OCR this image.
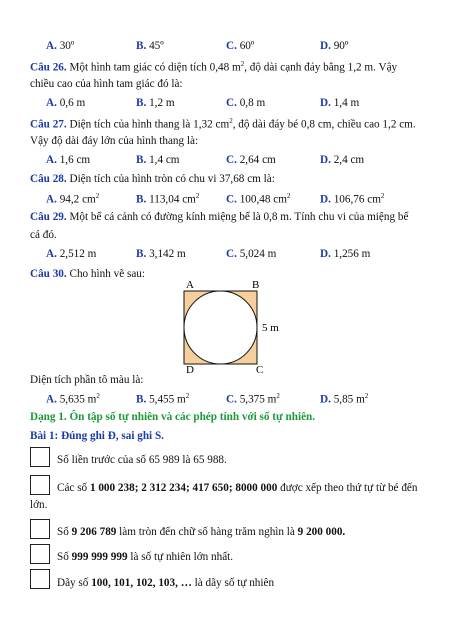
A. 30º	B. 45º	C. 60º	D. 90º
Câu 26. Một hình tam giác có diện tích 0,48 $m^2$, độ dài cạnh đáy bằng 1,2 m. Vậy
chiều cao của hình tam giác đó là:
A. 0,6 m	B. 1,2 m	C. 0,8 m	D. 1,4 m
Câu 27. Diện tích của hình thang là 1,32 $cm^2$, độ dài đáy bé 0,8 cm, chiều cao 1,2 cm.
Vậy độ dài đáy lớn của hình thang là:
A. 1,6 cm	B. 1,4 cm	C. 2,64 cm	D. 2,4 cm
Câu 28. Diện tích của hình tròn có chu vi 37,68 cm là:
A. 94,2 $cm^2$	B. 113,04 $cm^2$ C. 100,48 $cm^2$	D. 106,76 $cm^2$
Câu 29. Một bể cá cảnh có đường kính miệng bể là 0,8 m. Tính chu vi của miệng bể
cá đó.
A. 2,512 m	B. 3,142 m	C. 5,024 m	D. 1,256 m
Câu 30. Cho hình vẽ sau:
A	B
C
D
5 m
Diện tích phần tô màu là:
A. 5,635 $m^2$	B. 5,455 $m^2$	C. 5,375 $m^2$	D. 5,85 $m^2$
Dạng 1. Ôn tập số tự nhiên và các phép tính với số tự nhiên.
Bài 1: Đúng ghi Đ, sai ghi S.
Số liền trước của số 65 989 là 65 988.
Các số 1 000 238; 2 312 234; 417 650; 8000 000 được xếp theo thứ tự từ bé đến
lớn.
Số 9 206 789 làm tròn đến chữ số hàng trăm nghìn là 9 200 000.
Số 999 999 999 là số tự nhiên lớn nhất.
Dãy số 100, 101, 102, 103, … là dãy số tự nhiên
